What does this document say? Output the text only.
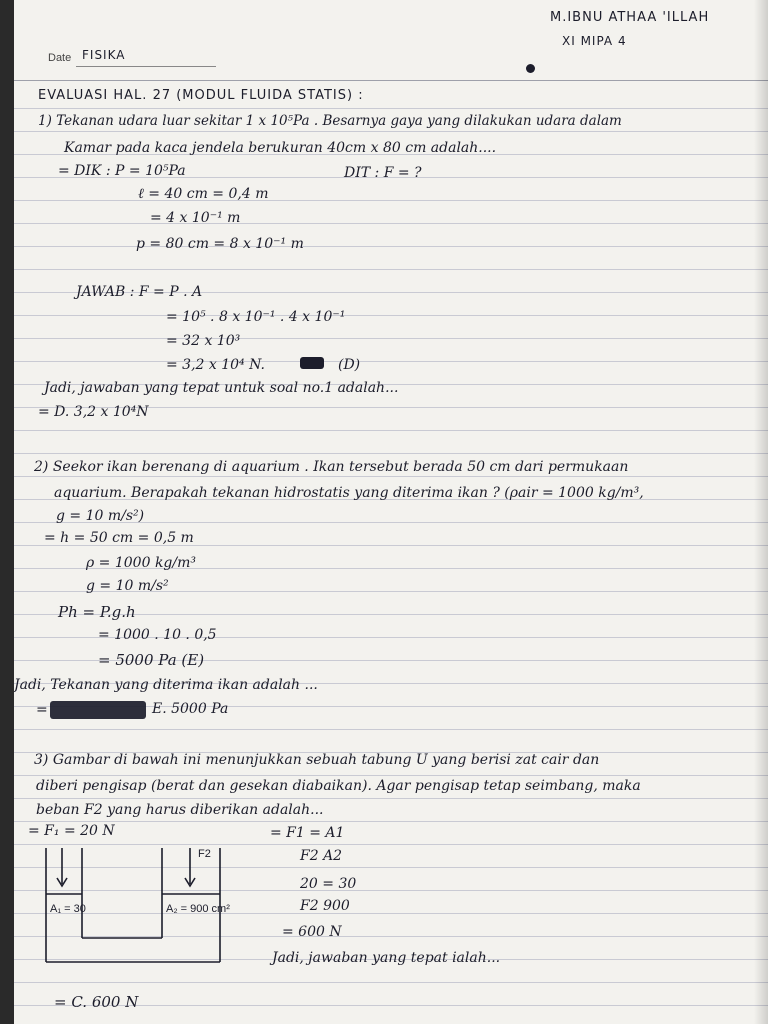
M.IBNU ATHAA 'ILLAH
XI MIPA 4
Date FISIKA
EVALUASI HAL. 27 (MODUL FLUIDA STATIS) :
1) Tekanan udara luar sekitar 1 x 10⁵Pa . Besarnya gaya yang dilakukan udara dalam
Kamar pada kaca jendela berukuran 40cm x 80 cm adalah....
= DIK : P = 10⁵Pa	DIT : F = ?
ℓ = 40 cm = 0,4 m
= 4 x 10⁻¹ m
p = 80 cm = 8 x 10⁻¹ m
JAWAB : F = P . A
= 10⁵ . 8 x 10⁻¹ . 4 x 10⁻¹
= 32 x 10³
= 3,2 x 10⁴ N.	(D)
Jadi, jawaban yang tepat untuk soal no.1 adalah...
= D. 3,2 x 10⁴N
2) Seekor ikan berenang di aquarium . Ikan tersebut berada 50 cm dari permukaan
aquarium. Berapakah tekanan hidrostatis yang diterima ikan ? (ρair = 1000 kg/m³,
g = 10 m/s²)
= h = 50 cm = 0,5 m
ρ = 1000 kg/m³
g = 10 m/s²
Ph = P.g.h
= 1000 . 10 . 0,5
= 5000 Pa (E)
Jadi, Tekanan yang diterima ikan adalah ...
=	E. 5000 Pa
3) Gambar di bawah ini menunjukkan sebuah tabung U yang berisi zat cair dan
diberi pengisap (berat dan gesekan diabaikan). Agar pengisap tetap seimbang, maka
beban F2 yang harus diberikan adalah...
= F₁ = 20 N
F2
A₁ = 30	A₂ = 900 cm²
= F1 = A1
F2 A2
20 = 30
F2 900
= 600 N
Jadi, jawaban yang tepat ialah...
= C. 600 N
